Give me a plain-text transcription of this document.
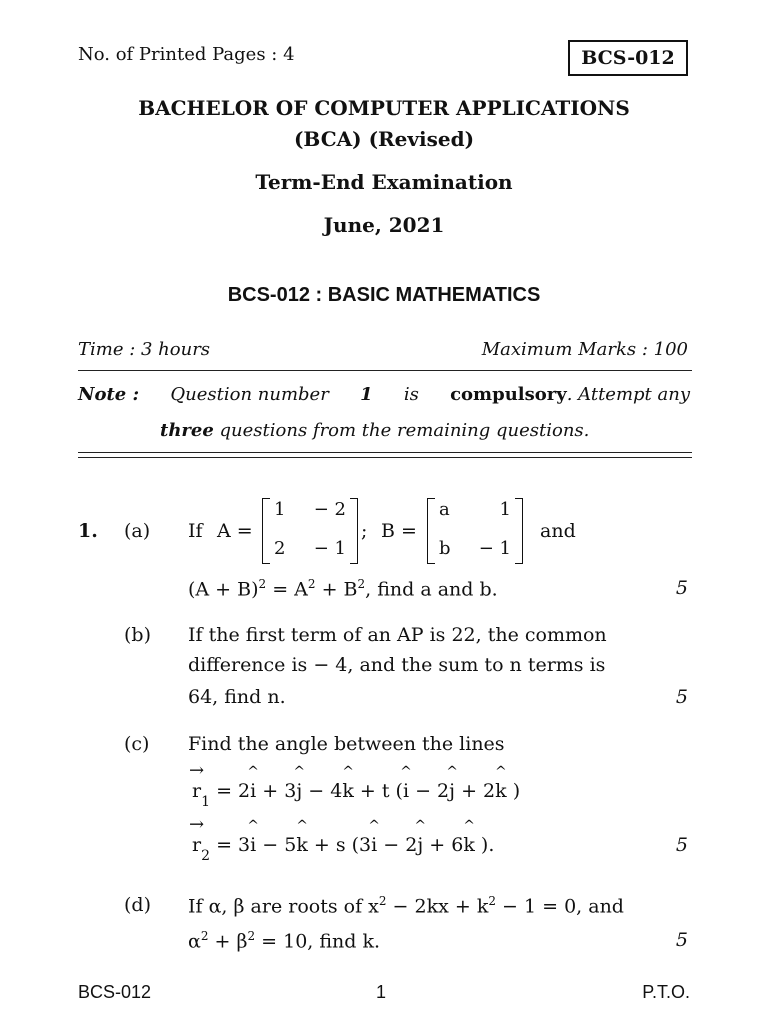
No. of Printed Pages : 4	BCS-012
BACHELOR OF COMPUTER APPLICATIONS
(BCA) (Revised)
Term-End Examination
June, 2021
BCS-012 : BASIC MATHEMATICS
Time : 3 hours	Maximum Marks : 100
Note : Question number 1 is compulsory. Attempt any
three questions from the remaining questions.
1. (a) If A =
1 − 2
2 − 1
; B =
a	1
b − 1
and
$(A + B)^2 = A^2 + B^2$, find a and b.	5
(b) If the first term of an AP is 22, the common
difference is − 4, and the sum to n terms is
64, find n.	5
(c) Find the angle between the lines
→
$r_1 = 2$
^
i + 3
^
j − 4
^
k + t (
^
i − 2
^
j + 2
^
k )
→
$r_2 = 3$
^
i − 5
^
k + s (3
^
i − 2
^
j + 6
^
k ).	5
(d) If α, β are roots of $x^2 - 2kx + k^2 - 1 = 0$, and
$\alpha^2 + \beta^2 = 10$, find k.	5
BCS-012	1	P.T.O.
